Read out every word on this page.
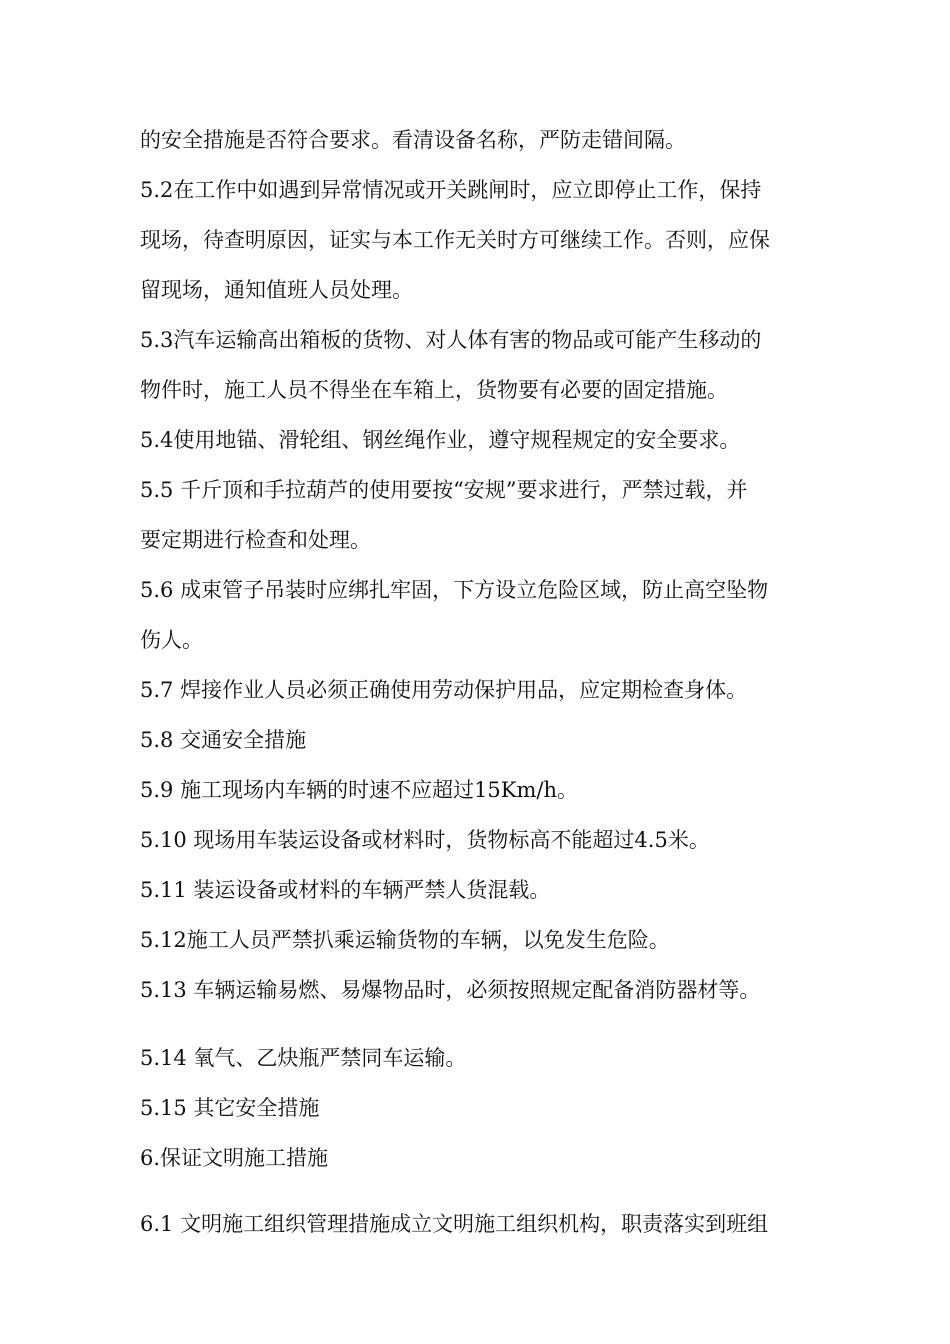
的安全措施是否符合要求。看清设备名称，严防走错间隔。
5.2在工作中如遇到异常情况或开关跳闸时，应立即停止工作，保持
现场，待查明原因，证实与本工作无关时方可继续工作。否则，应保
留现场，通知值班人员处理。
5.3汽车运输高出箱板的货物、对人体有害的物品或可能产生移动的
物件时，施工人员不得坐在车箱上，货物要有必要的固定措施。
5.4使用地锚、滑轮组、钢丝绳作业，遵守规程规定的安全要求。
5.5 千斤顶和手拉葫芦的使用要按“安规”要求进行，严禁过载，并
要定期进行检查和处理。
5.6 成束管子吊装时应绑扎牢固，下方设立危险区域，防止高空坠物
伤人。
5.7 焊接作业人员必须正确使用劳动保护用品，应定期检查身体。
5.8 交通安全措施
5.9 施工现场内车辆的时速不应超过15Km/h。
5.10 现场用车装运设备或材料时，货物标高不能超过4.5米。
5.11 装运设备或材料的车辆严禁人货混载。
5.12施工人员严禁扒乘运输货物的车辆，以免发生危险。
5.13 车辆运输易燃、易爆物品时，必须按照规定配备消防器材等。
5.14 氧气、乙炔瓶严禁同车运输。
5.15 其它安全措施
6.保证文明施工措施
6.1 文明施工组织管理措施成立文明施工组织机构，职责落实到班组
